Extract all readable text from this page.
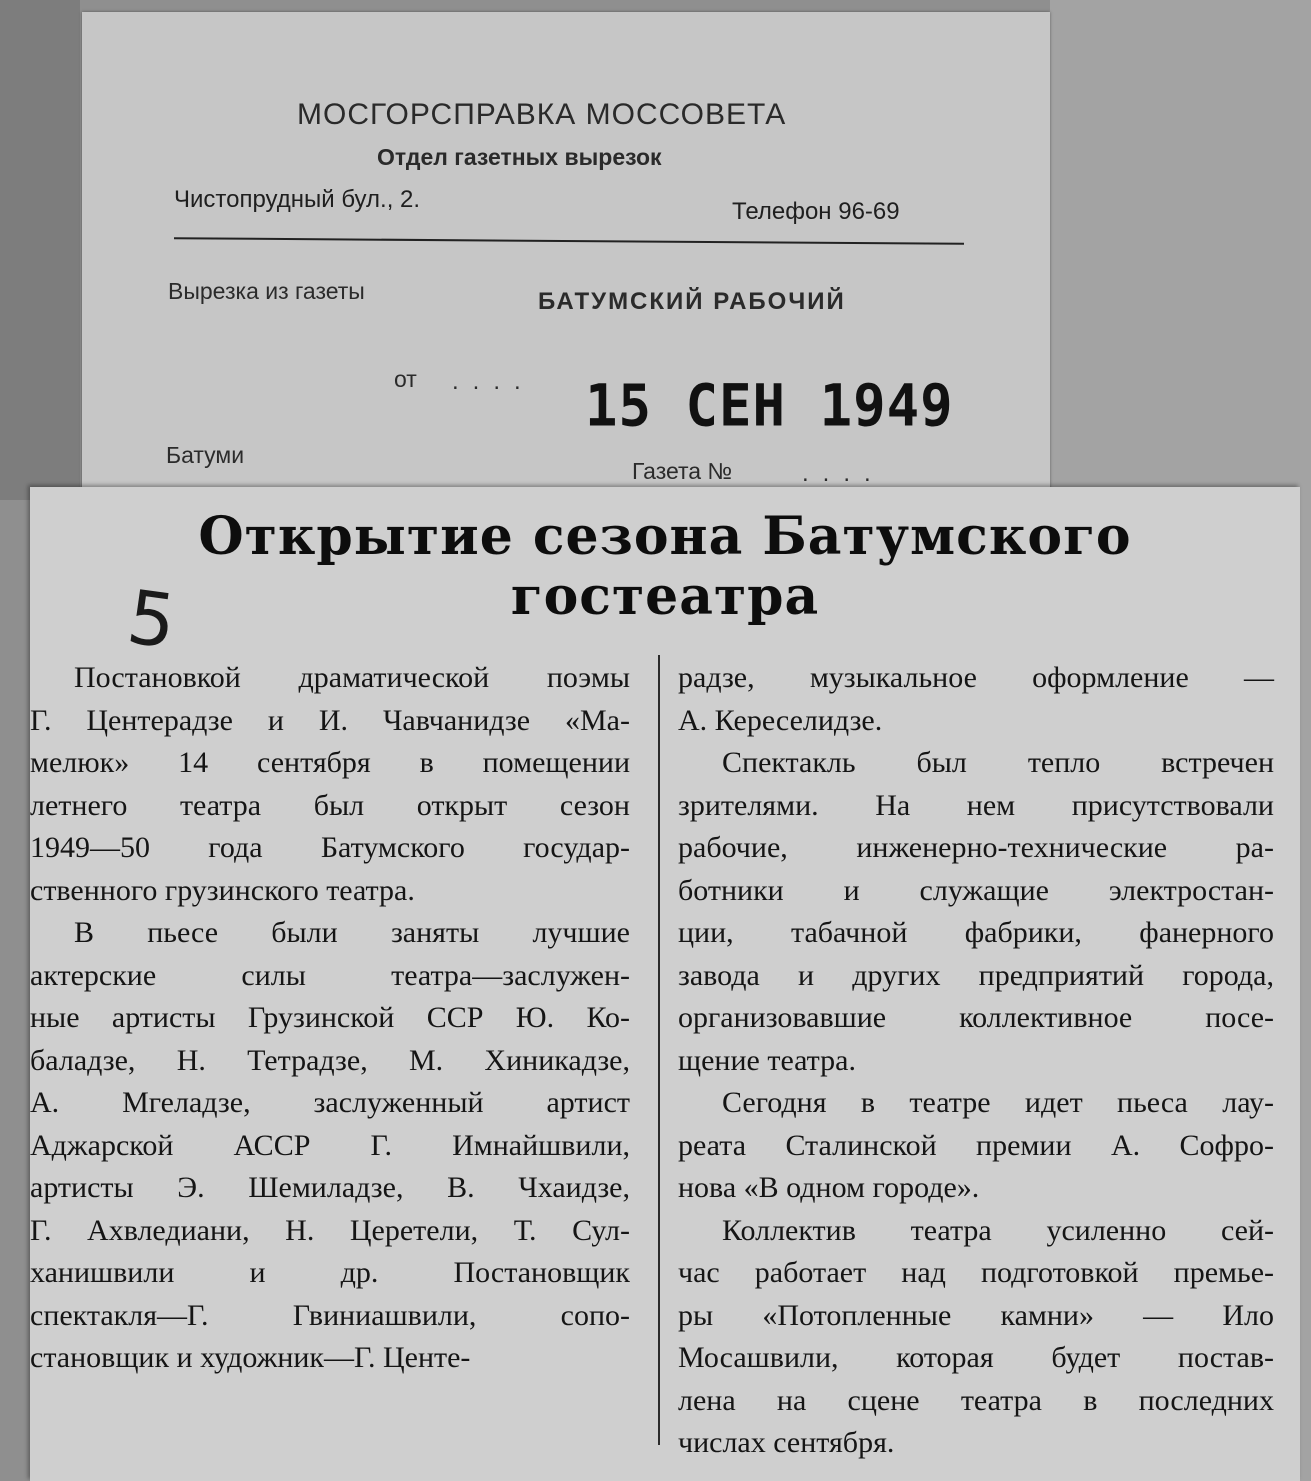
МОСГОРСПРАВКА МОССОВЕТА
Отдел газетных вырезок
Чистопрудный бул., 2.	Телефон 96-69
Вырезка из газеты	БАТУМСКИЙ РАБОЧИЙ
от .... 15 СЕН 1949
Батуми
Газета №	....
Открытие сезона Батумского
гостеатра
5
Постановкой драматической поэмы
Г. Центерадзе и И. Чавчанидзе «Ма-
мелюк» 14 сентября в помещении
летнего театра был открыт сезон
1949—50 года Батумского государ-
ственного грузинского театра.
В пьесе были заняты лучшие
актерские силы театра—заслужен-
ные артисты Грузинской ССР Ю. Ко-
баладзе, Н. Тетрадзе, М. Хиникадзе,
А. Мгеладзе, заслуженный артист
Аджарской АССР Г. Имнайшвили,
артисты Э. Шемиладзе, В. Чхаидзе,
Г. Ахвледиани, Н. Церетели, Т. Сул-
ханишвили и др. Постановщик
спектакля—Г. Гвиниашвили, сопо-
становщик и художник—Г. Центе-
радзе, музыкальное оформление —
А. Кереселидзе.
Спектакль был тепло встречен
зрителями. На нем присутствовали
рабочие, инженерно-технические ра-
ботники и служащие электростан-
ции, табачной фабрики, фанерного
завода и других предприятий города,
организовавшие коллективное посе-
щение театра.
Сегодня в театре идет пьеса лау-
реата Сталинской премии А. Софро-
нова «В одном городе».
Коллектив театра усиленно сей-
час работает над подготовкой премье-
ры «Потопленные камни» — Ило
Мосашвили, которая будет постав-
лена на сцене театра в последних
числах сентября.
